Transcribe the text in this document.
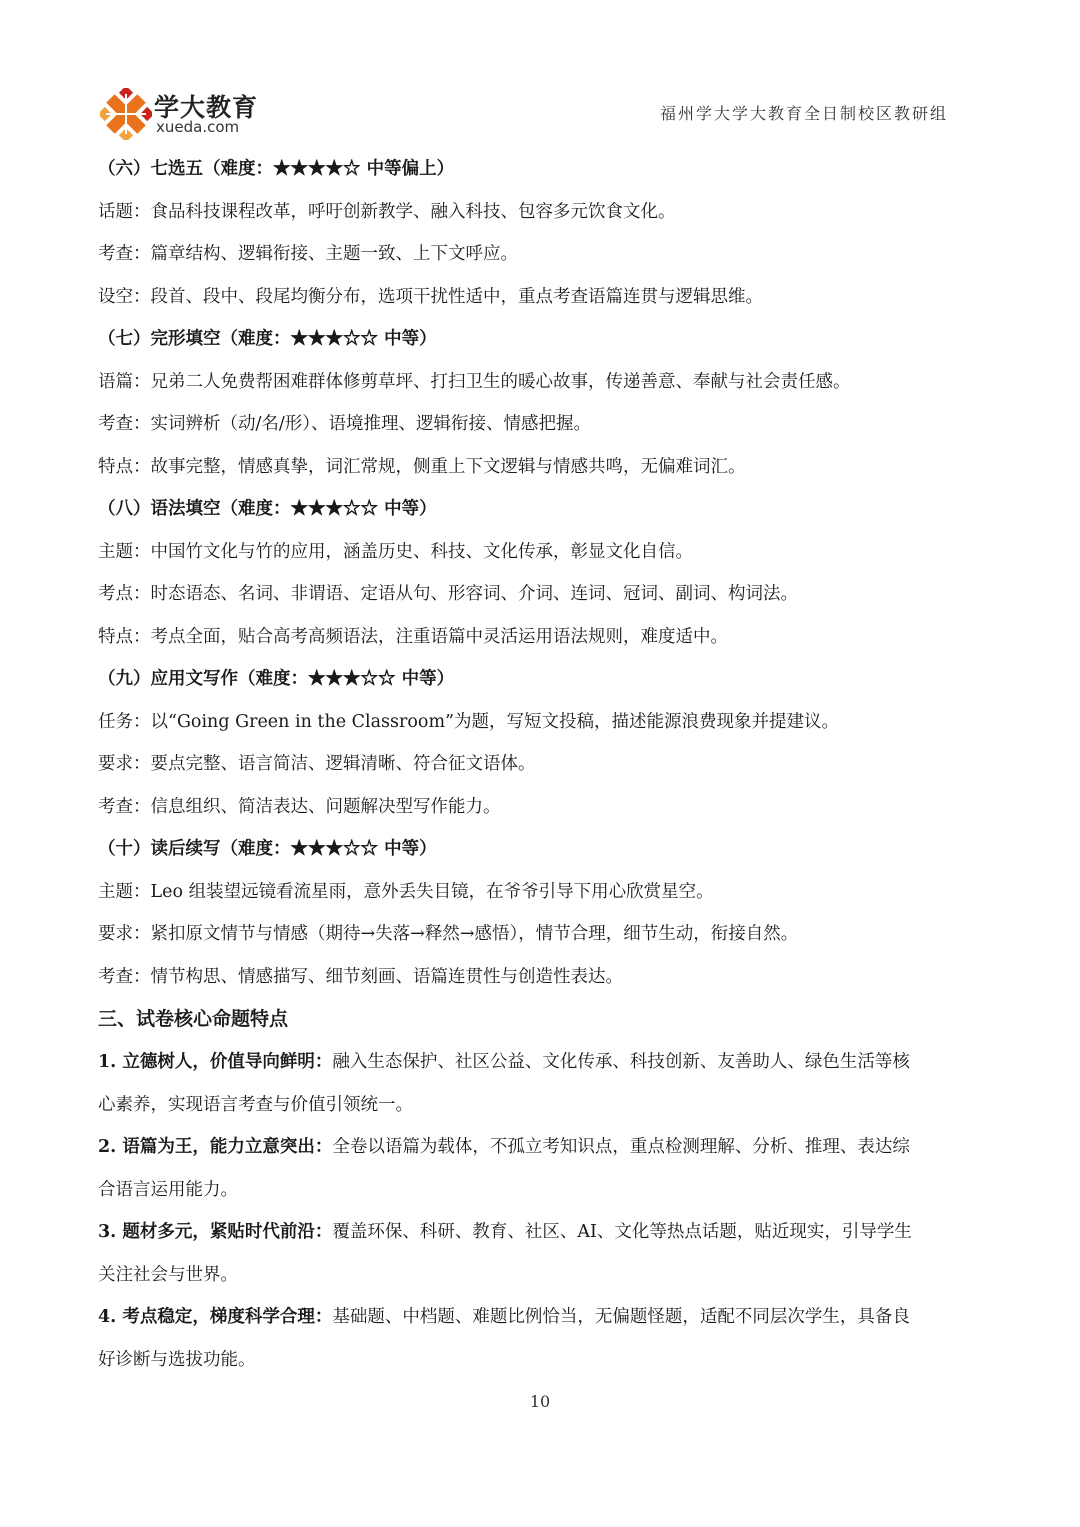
学大教育
xueda.com
福州学大学大教育全日制校区教研组
（六）七选五（难度：★★★★☆ 中等偏上）
话题：食品科技课程改革，呼吁创新教学、融入科技、包容多元饮食文化。
考查：篇章结构、逻辑衔接、主题一致、上下文呼应。
设空：段首、段中、段尾均衡分布，选项干扰性适中，重点考查语篇连贯与逻辑思维。
（七）完形填空（难度：★★★☆☆ 中等）
语篇：兄弟二人免费帮困难群体修剪草坪、打扫卫生的暖心故事，传递善意、奉献与社会责任感。
考查：实词辨析（动/名/形）、语境推理、逻辑衔接、情感把握。
特点：故事完整，情感真挚，词汇常规，侧重上下文逻辑与情感共鸣，无偏难词汇。
（八）语法填空（难度：★★★☆☆ 中等）
主题：中国竹文化与竹的应用，涵盖历史、科技、文化传承，彰显文化自信。
考点：时态语态、名词、非谓语、定语从句、形容词、介词、连词、冠词、副词、构词法。
特点：考点全面，贴合高考高频语法，注重语篇中灵活运用语法规则，难度适中。
（九）应用文写作（难度：★★★☆☆ 中等）
任务：以“Going Green in the Classroom”为题，写短文投稿，描述能源浪费现象并提建议。
要求：要点完整、语言简洁、逻辑清晰、符合征文语体。
考查：信息组织、简洁表达、问题解决型写作能力。
（十）读后续写（难度：★★★☆☆ 中等）
主题：Leo 组装望远镜看流星雨，意外丢失目镜，在爷爷引导下用心欣赏星空。
要求：紧扣原文情节与情感（期待→失落→释然→感悟），情节合理，细节生动，衔接自然。
考查：情节构思、情感描写、细节刻画、语篇连贯性与创造性表达。
三、试卷核心命题特点
1. 立德树人，价值导向鲜明：融入生态保护、社区公益、文化传承、科技创新、友善助人、绿色生活等核
心素养，实现语言考查与价值引领统一。
2. 语篇为王，能力立意突出：全卷以语篇为载体，不孤立考知识点，重点检测理解、分析、推理、表达综
合语言运用能力。
3. 题材多元，紧贴时代前沿：覆盖环保、科研、教育、社区、AI、文化等热点话题，贴近现实，引导学生
关注社会与世界。
4. 考点稳定，梯度科学合理：基础题、中档题、难题比例恰当，无偏题怪题，适配不同层次学生，具备良
好诊断与选拔功能。
10
